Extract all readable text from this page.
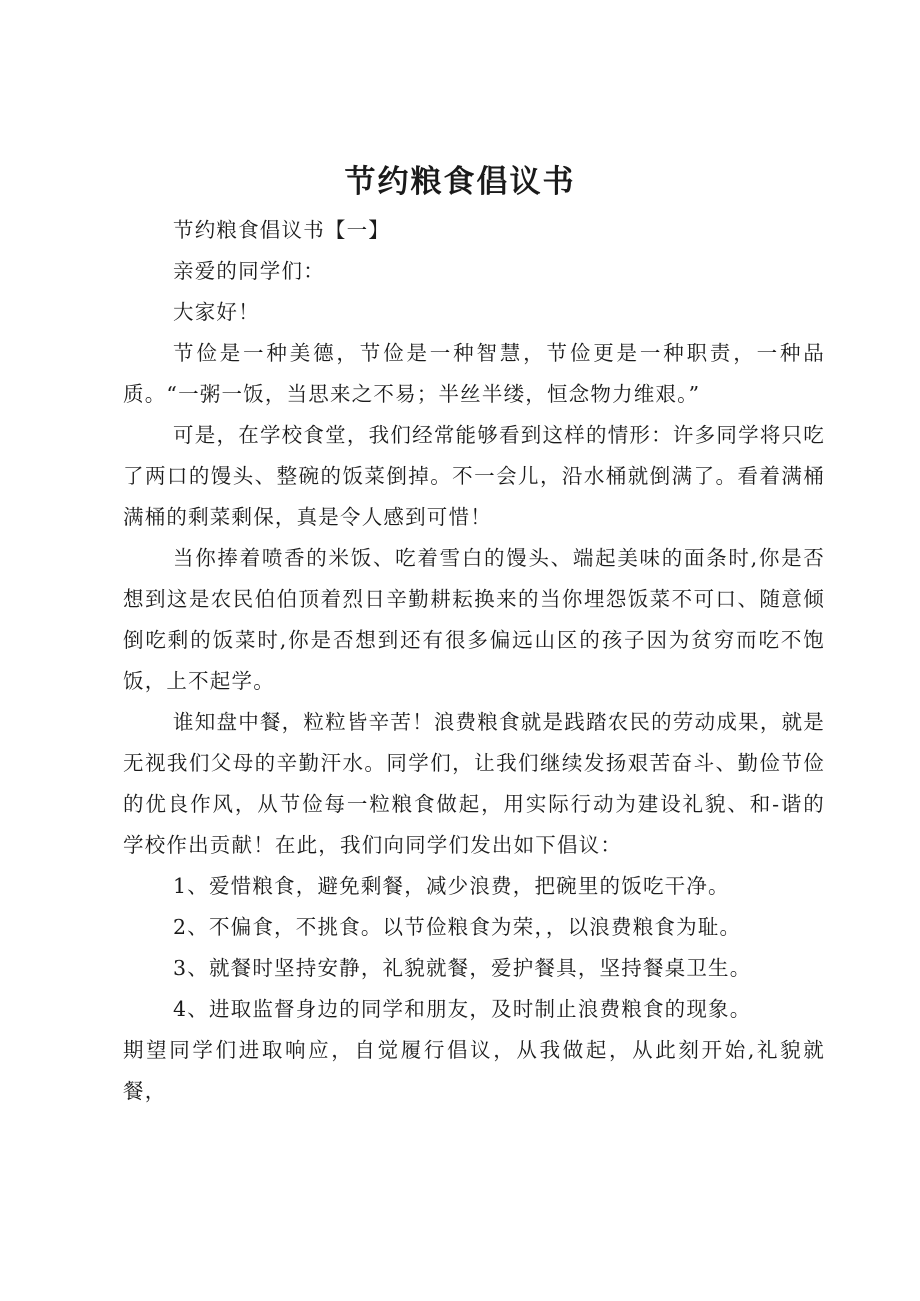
节约粮食倡议书

节约粮食倡议书【一】

亲爱的同学们：

大家好！

节俭是一种美德，节俭是一种智慧，节俭更是一种职责，一种品质。“一粥一饭，当思来之不易；半丝半缕，恒念物力维艰。”

可是，在学校食堂，我们经常能够看到这样的情形：许多同学将只吃了两口的馒头、整碗的饭菜倒掉。不一会儿，沿水桶就倒满了。看着满桶满桶的剩菜剩保，真是令人感到可惜！

当你捧着喷香的米饭、吃着雪白的馒头、端起美味的面条时,你是否想到这是农民伯伯顶着烈日辛勤耕耘换来的当你埋怨饭菜不可口、随意倾倒吃剩的饭菜时,你是否想到还有很多偏远山区的孩子因为贫穷而吃不饱饭，上不起学。

谁知盘中餐，粒粒皆辛苦！浪费粮食就是践踏农民的劳动成果，就是无视我们父母的辛勤汗水。同学们，让我们继续发扬艰苦奋斗、勤俭节俭的优良作风，从节俭每一粒粮食做起，用实际行动为建设礼貌、和-谐的学校作出贡献！在此，我们向同学们发出如下倡议：

1、爱惜粮食，避免剩餐，减少浪费，把碗里的饭吃干净。

2、不偏食，不挑食。以节俭粮食为荣，，以浪费粮食为耻。

3、就餐时坚持安静，礼貌就餐，爱护餐具，坚持餐桌卫生。

4、进取监督身边的同学和朋友，及时制止浪费粮食的现象。

期望同学们进取响应，自觉履行倡议，从我做起，从此刻开始,礼貌就餐，
